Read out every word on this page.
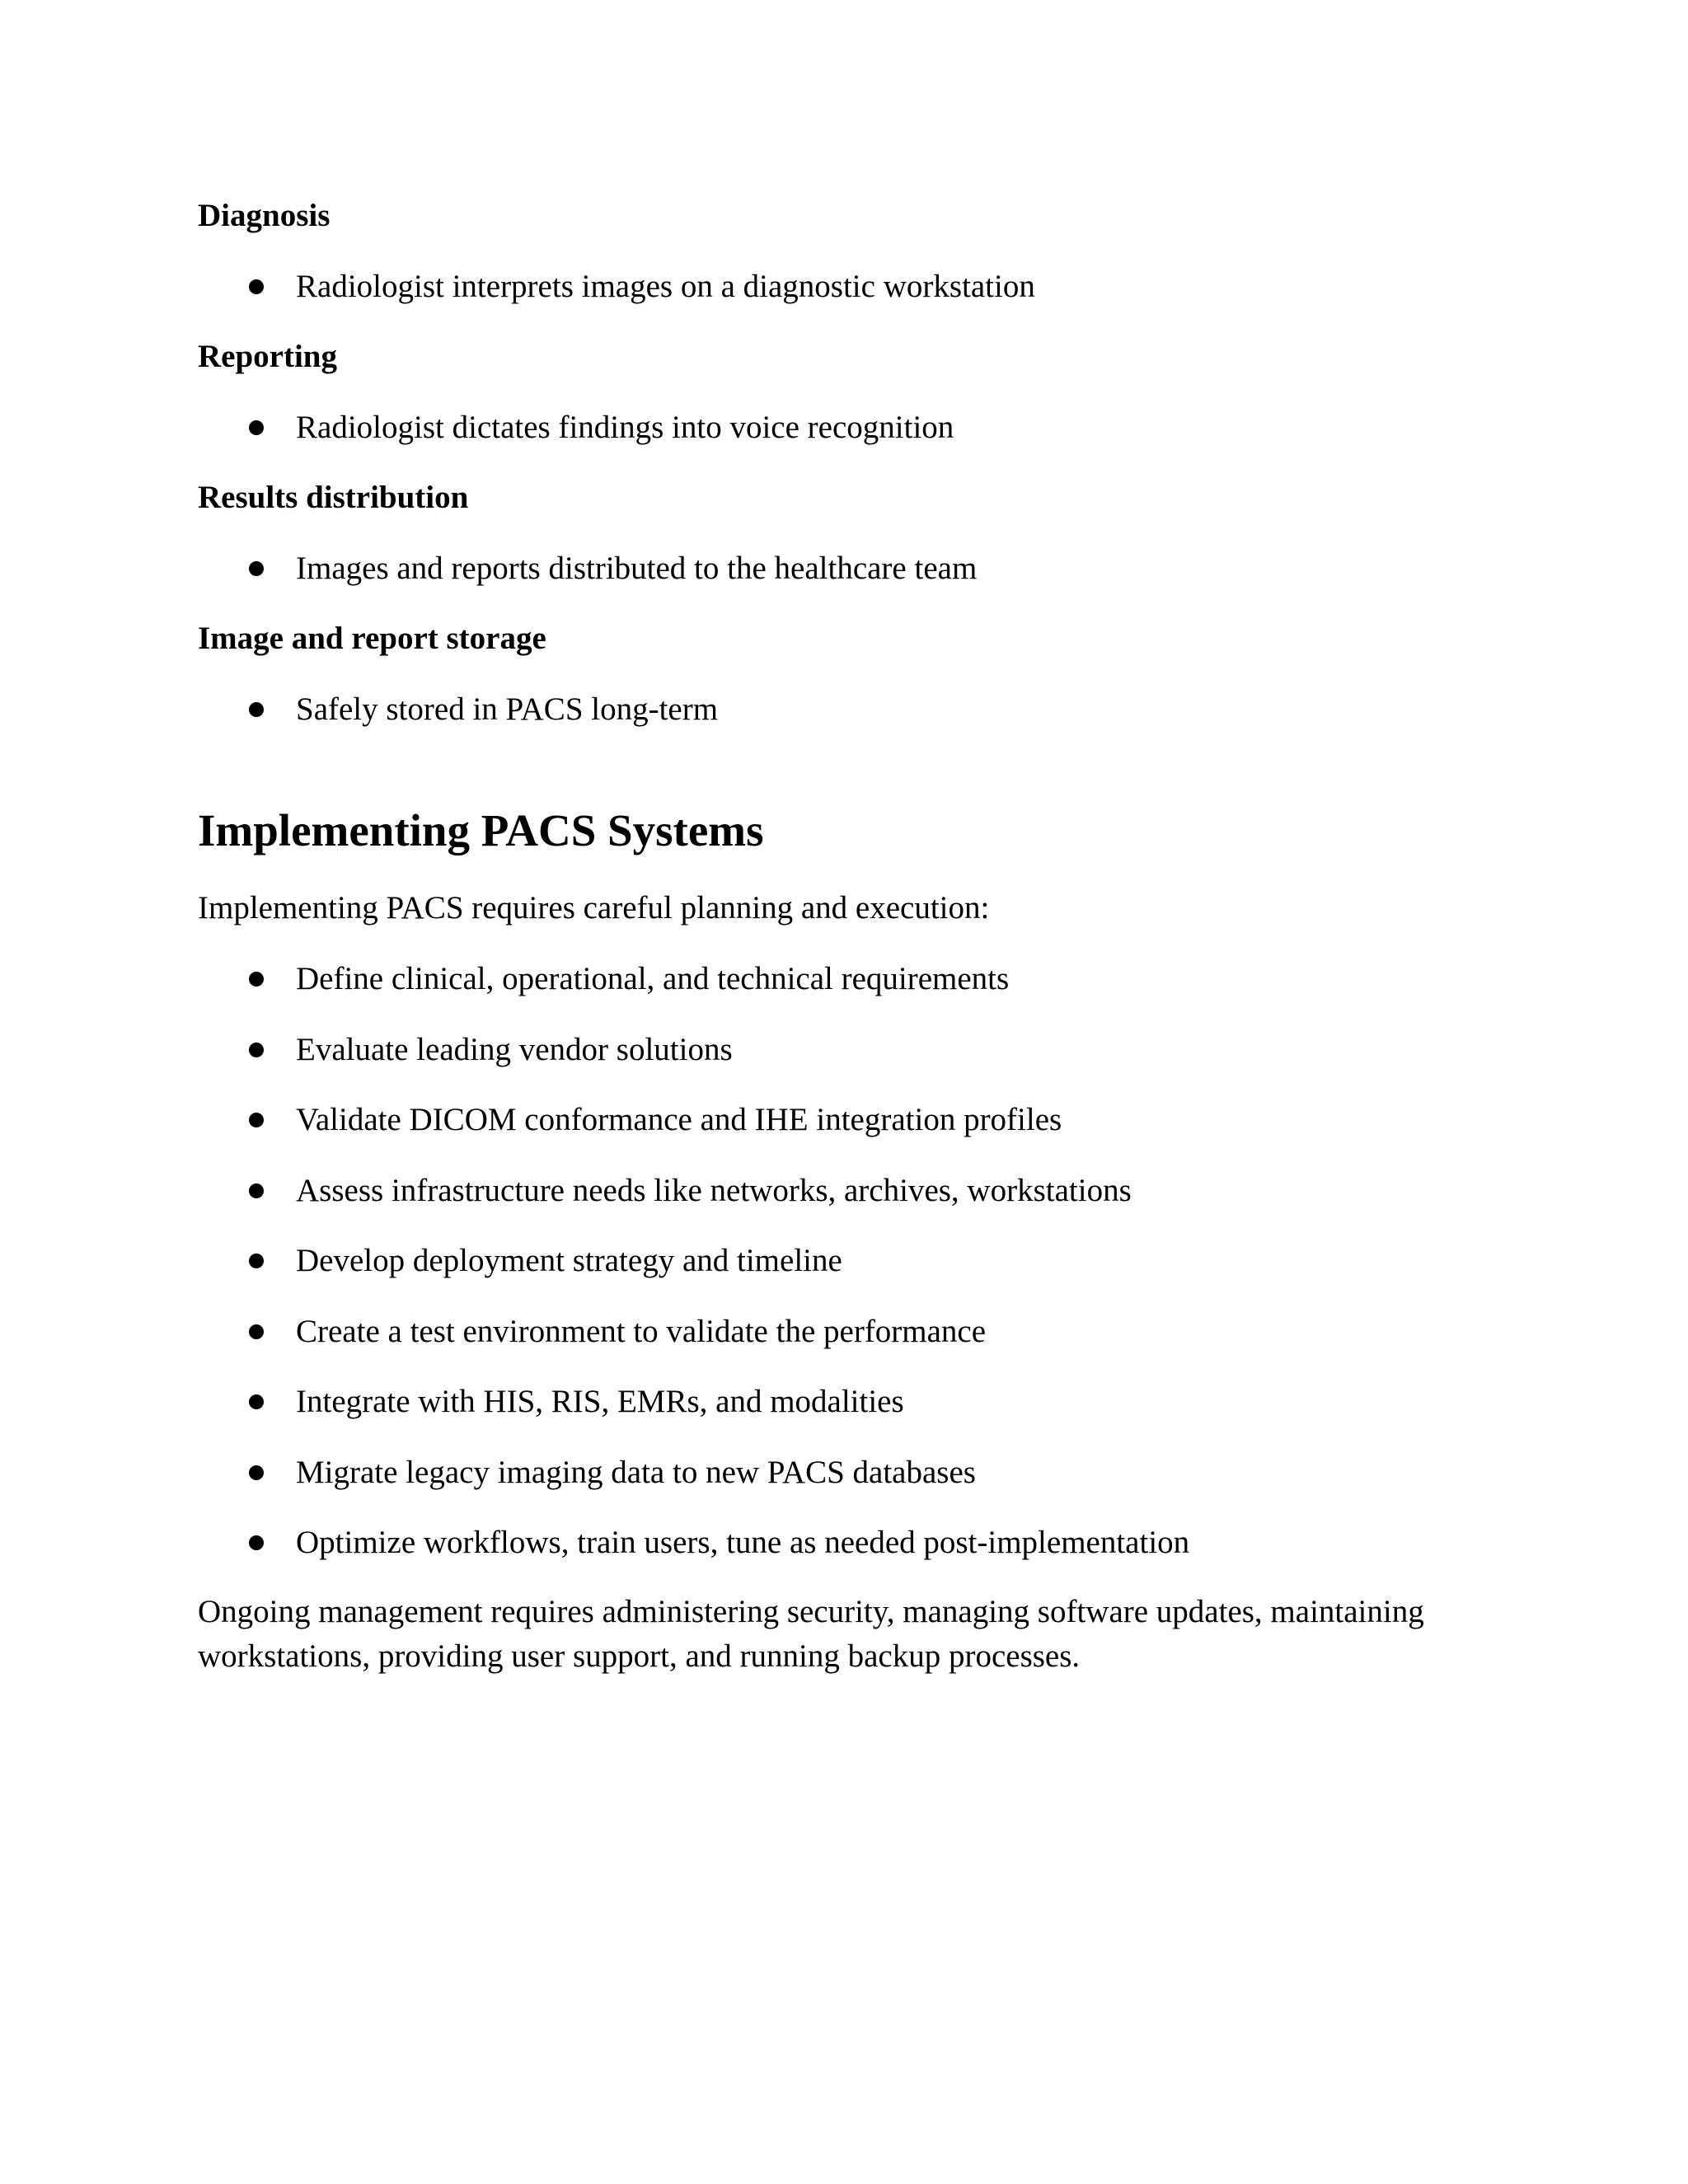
Diagnosis
Radiologist interprets images on a diagnostic workstation
Reporting
Radiologist dictates findings into voice recognition
Results distribution
Images and reports distributed to the healthcare team
Image and report storage
Safely stored in PACS long-term
Implementing PACS Systems
Implementing PACS requires careful planning and execution:
Define clinical, operational, and technical requirements
Evaluate leading vendor solutions
Validate DICOM conformance and IHE integration profiles
Assess infrastructure needs like networks, archives, workstations
Develop deployment strategy and timeline
Create a test environment to validate the performance
Integrate with HIS, RIS, EMRs, and modalities
Migrate legacy imaging data to new PACS databases
Optimize workflows, train users, tune as needed post-implementation
Ongoing management requires administering security, managing software updates, maintaining workstations, providing user support, and running backup processes.
